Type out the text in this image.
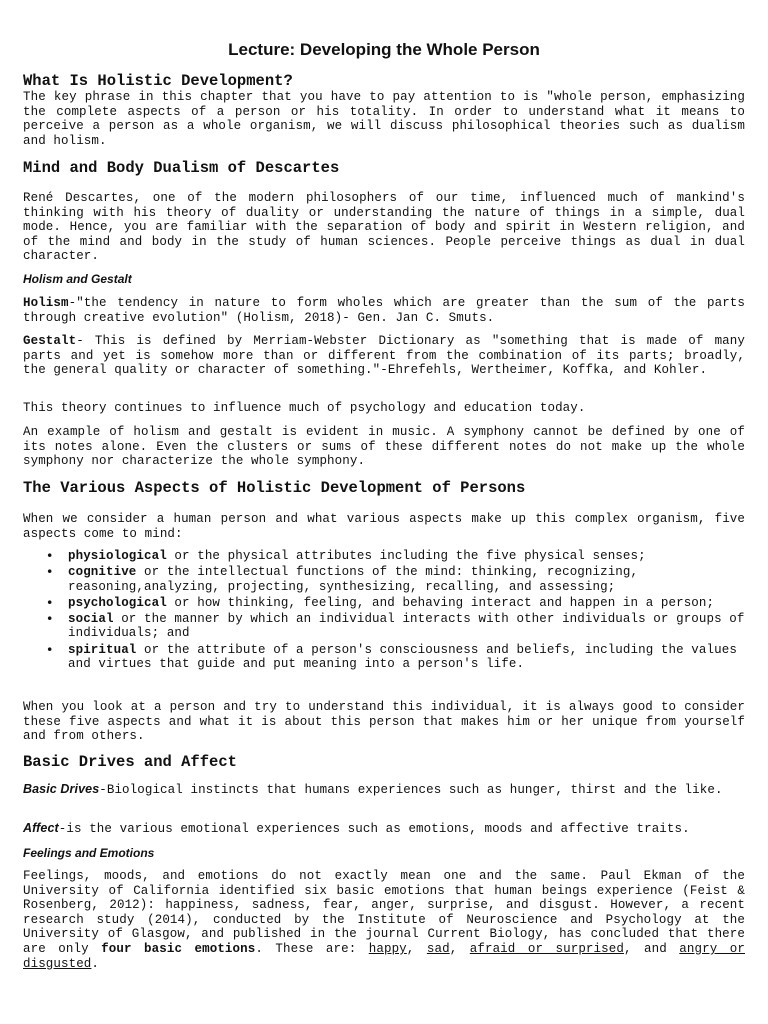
Lecture: Developing the Whole Person
What Is Holistic Development?

The key phrase in this chapter that you have to pay attention to is "whole person, emphasizing the complete aspects of a person or his totality. In order to understand what it means to perceive a person as a whole organism, we will discuss philosophical theories such as dualism and holism.

Mind and Body Dualism of Descartes

René Descartes, one of the modern philosophers of our time, influenced much of mankind's thinking with his theory of duality or understanding the nature of things in a simple, dual mode. Hence, you are familiar with the separation of body and spirit in Western religion, and of the mind and body in the study of human sciences. People perceive things as dual in dual character.

Holism and Gestalt

Holism-"the tendency in nature to form wholes which are greater than the sum of the parts through creative evolution" (Holism, 2018)- Gen. Jan C. Smuts.

Gestalt- This is defined by Merriam-Webster Dictionary as "something that is made of many parts and yet is somehow more than or different from the combination of its parts; broadly, the general quality or character of something."-Ehrefehls, Wertheimer, Koffka, and Kohler.

This theory continues to influence much of psychology and education today.

An example of holism and gestalt is evident in music. A symphony cannot be defined by one of its notes alone. Even the clusters or sums of these different notes do not make up the whole symphony nor characterize the whole symphony.

The Various Aspects of Holistic Development of Persons

When we consider a human person and what various aspects make up this complex organism, five aspects come to mind:

• physiological or the physical attributes including the five physical senses;
• cognitive or the intellectual functions of the mind: thinking, recognizing, reasoning,analyzing, projecting, synthesizing, recalling, and assessing;
• psychological or how thinking, feeling, and behaving interact and happen in a person;
• social or the manner by which an individual interacts with other individuals or groups of individuals; and
• spiritual or the attribute of a person's consciousness and beliefs, including the values and virtues that guide and put meaning into a person's life.

When you look at a person and try to understand this individual, it is always good to consider these five aspects and what it is about this person that makes him or her unique from yourself and from others.

Basic Drives and Affect

Basic Drives-Biological instincts that humans experiences such as hunger, thirst and the like.

Affect-is the various emotional experiences such as emotions, moods and affective traits.

Feelings and Emotions

Feelings, moods, and emotions do not exactly mean one and the same. Paul Ekman of the University of California identified six basic emotions that human beings experience (Feist & Rosenberg, 2012): happiness, sadness, fear, anger, surprise, and disgust. However, a recent research study (2014), conducted by the Institute of Neuroscience and Psychology at the University of Glasgow, and published in the journal Current Biology, has concluded that there are only four basic emotions. These are: happy, sad, afraid or surprised, and angry or disgusted.
